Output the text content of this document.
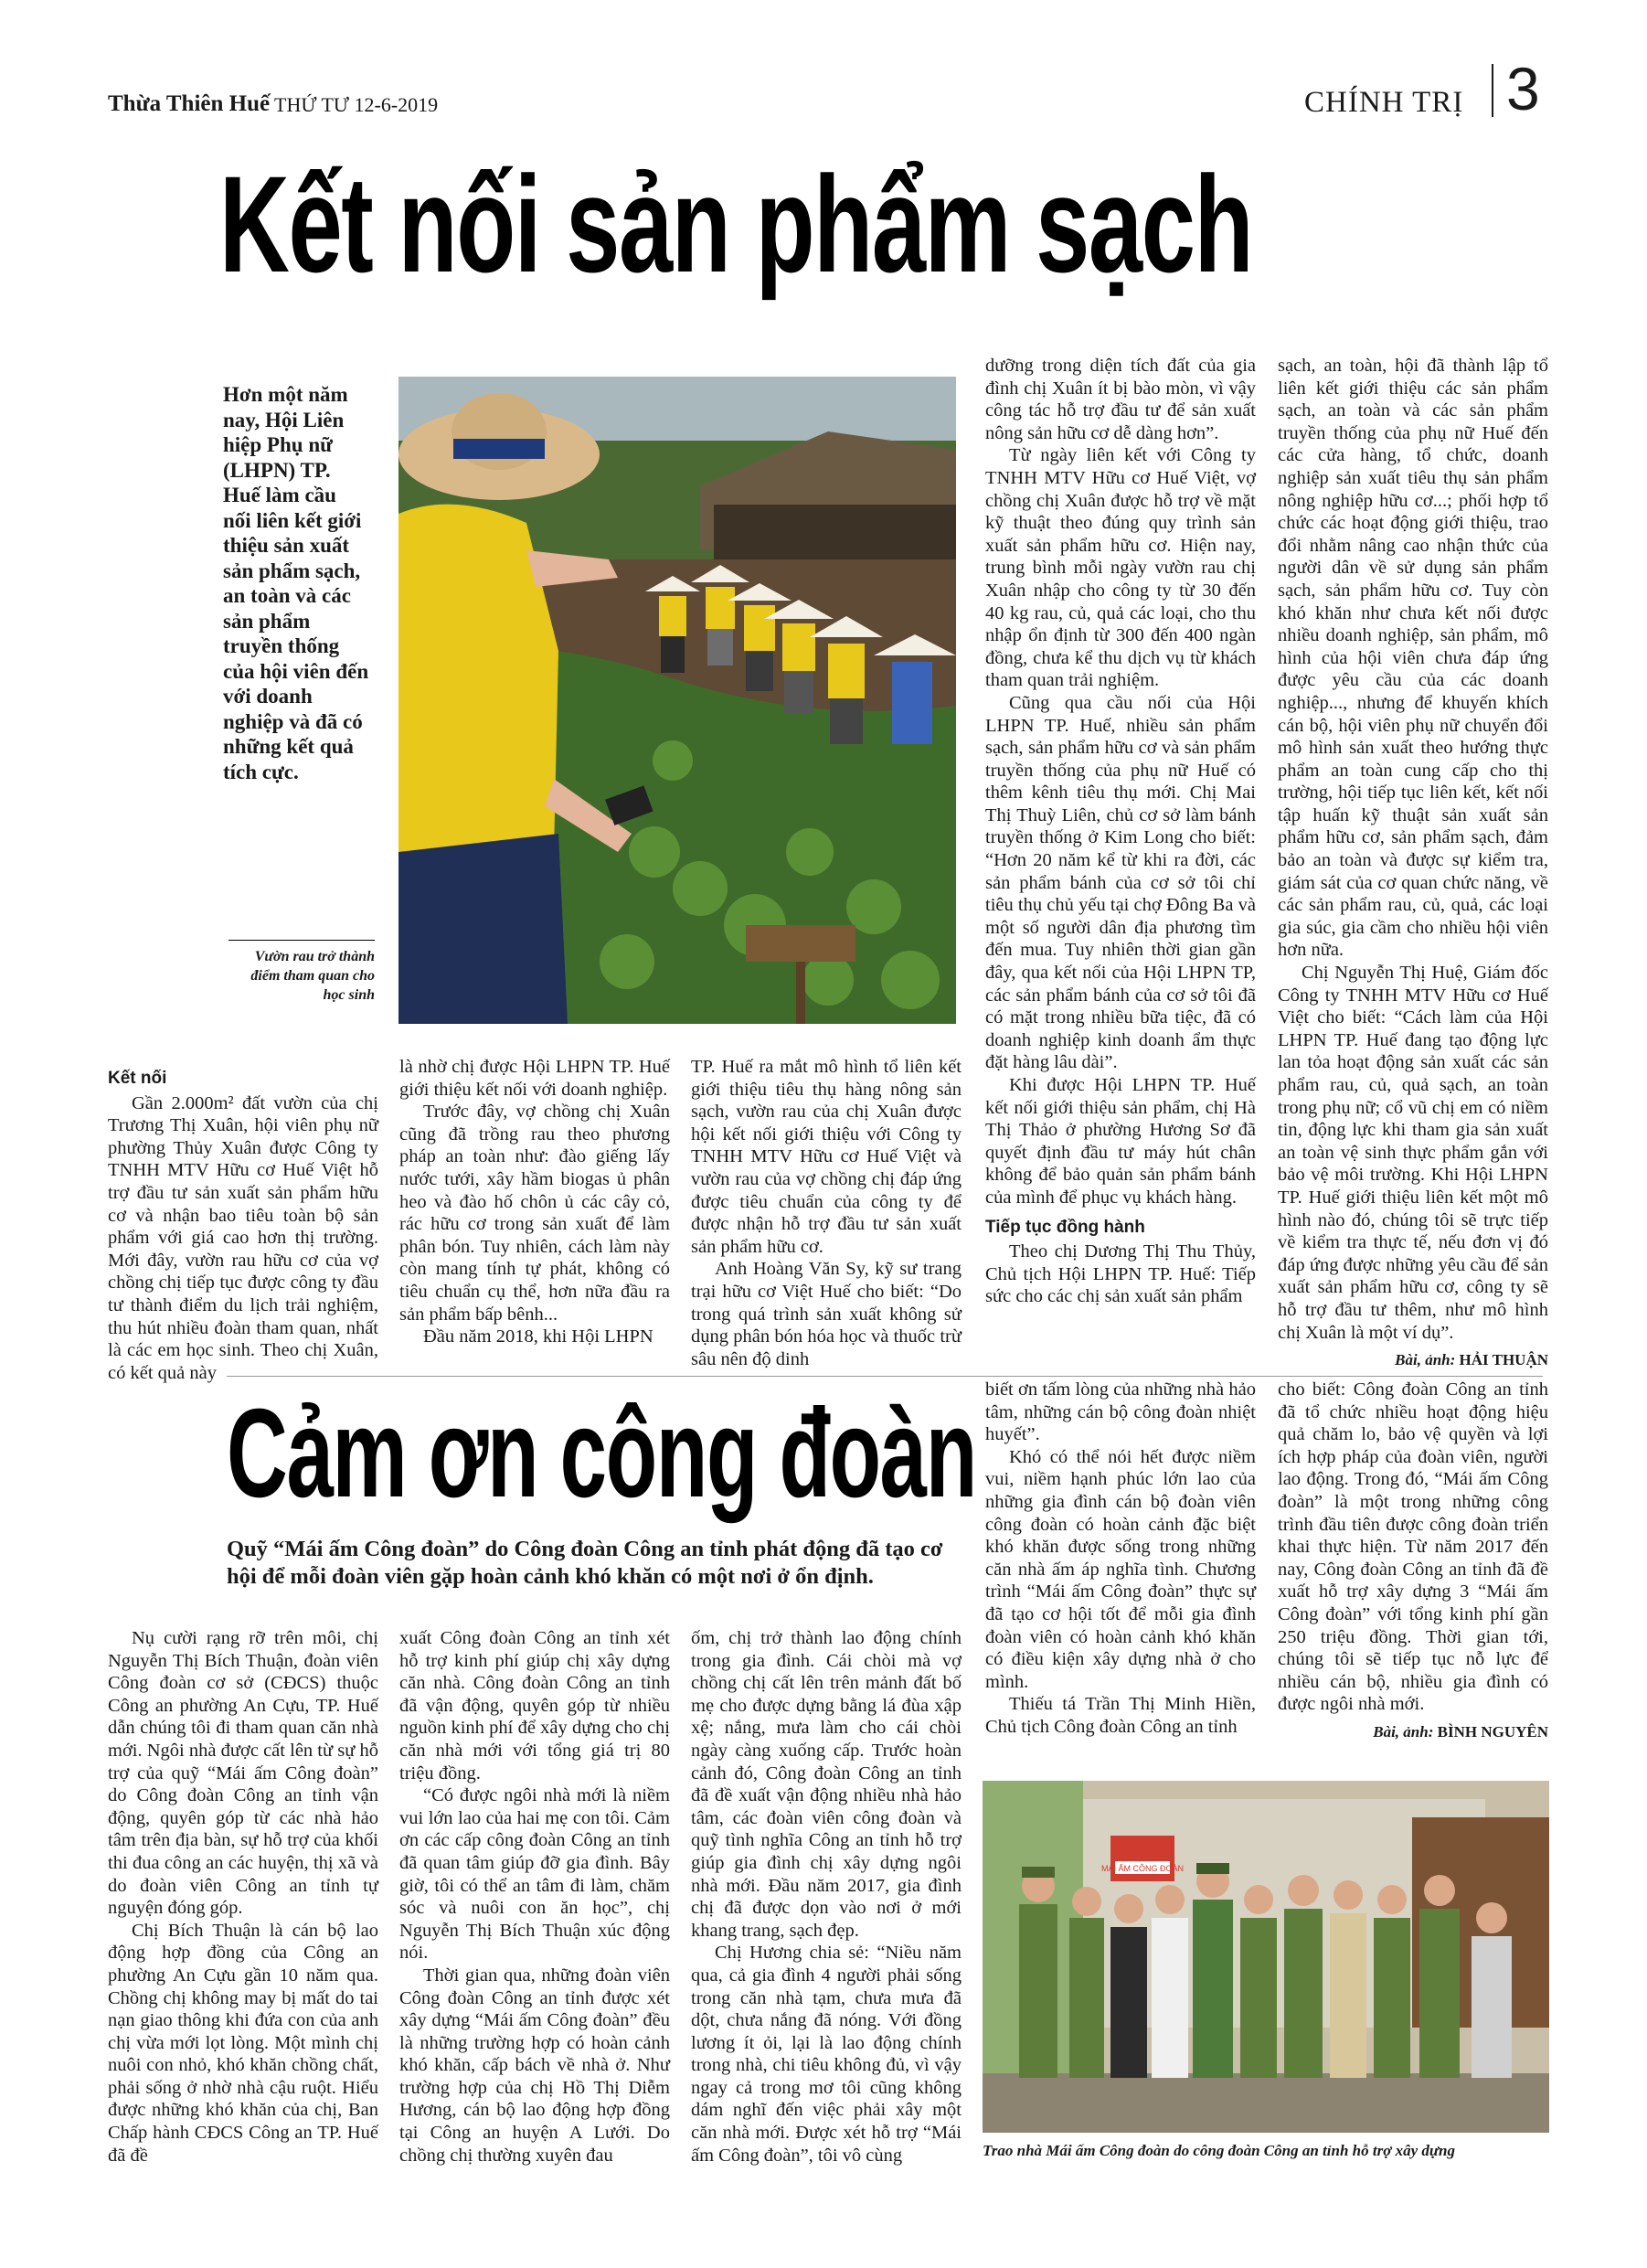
Thừa Thiên Huế THỨ TƯ 12-6-2019	CHÍNH TRỊ 3
Kết nối sản phẩm sạch
Hơn một năm nay, Hội Liên hiệp Phụ nữ (LHPN) TP. Huế làm cầu nối liên kết giới thiệu sản xuất sản phẩm sạch, an toàn và các sản phẩm truyền thống của hội viên đến với doanh nghiệp và đã có những kết quả tích cực.
Vườn rau trở thành điểm tham quan cho học sinh
Kết nối

Gần 2.000m² đất vườn của chị Trương Thị Xuân, hội viên phụ nữ phường Thủy Xuân được Công ty TNHH MTV Hữu cơ Huế Việt hỗ trợ đầu tư sản xuất sản phẩm hữu cơ và nhận bao tiêu toàn bộ sản phẩm với giá cao hơn thị trường. Mới đây, vườn rau hữu cơ của vợ chồng chị tiếp tục được công ty đầu tư thành điểm du lịch trải nghiệm, thu hút nhiều đoàn tham quan, nhất là các em học sinh. Theo chị Xuân, có kết quả này

là nhờ chị được Hội LHPN TP. Huế giới thiệu kết nối với doanh nghiệp.

Trước đây, vợ chồng chị Xuân cũng đã trồng rau theo phương pháp an toàn như: đào giếng lấy nước tưới, xây hầm biogas ủ phân heo và đào hố chôn ủ các cây cỏ, rác hữu cơ trong sản xuất để làm phân bón. Tuy nhiên, cách làm này còn mang tính tự phát, không có tiêu chuẩn cụ thể, hơn nữa đầu ra sản phẩm bấp bênh...

Đầu năm 2018, khi Hội LHPN

TP. Huế ra mắt mô hình tổ liên kết giới thiệu tiêu thụ hàng nông sản sạch, vườn rau của chị Xuân được hội kết nối giới thiệu với Công ty TNHH MTV Hữu cơ Huế Việt và vườn rau của vợ chồng chị đáp ứng được tiêu chuẩn của công ty để được nhận hỗ trợ đầu tư sản xuất sản phẩm hữu cơ.

Anh Hoàng Văn Sy, kỹ sư trang trại hữu cơ Việt Huế cho biết: “Do trong quá trình sản xuất không sử dụng phân bón hóa học và thuốc trừ sâu nên độ dinh

dưỡng trong diện tích đất của gia đình chị Xuân ít bị bào mòn, vì vậy công tác hỗ trợ đầu tư để sản xuất nông sản hữu cơ dễ dàng hơn”.

Từ ngày liên kết với Công ty TNHH MTV Hữu cơ Huế Việt, vợ chồng chị Xuân được hỗ trợ về mặt kỹ thuật theo đúng quy trình sản xuất sản phẩm hữu cơ. Hiện nay, trung bình mỗi ngày vườn rau chị Xuân nhập cho công ty từ 30 đến 40 kg rau, củ, quả các loại, cho thu nhập ổn định từ 300 đến 400 ngàn đồng, chưa kể thu dịch vụ từ khách tham quan trải nghiệm.

Cũng qua cầu nối của Hội LHPN TP. Huế, nhiều sản phẩm sạch, sản phẩm hữu cơ và sản phẩm truyền thống của phụ nữ Huế có thêm kênh tiêu thụ mới. Chị Mai Thị Thuỳ Liên, chủ cơ sở làm bánh truyền thống ở Kim Long cho biết: “Hơn 20 năm kể từ khi ra đời, các sản phẩm bánh của cơ sở tôi chỉ tiêu thụ chủ yếu tại chợ Đông Ba và một số người dân địa phương tìm đến mua. Tuy nhiên thời gian gần đây, qua kết nối của Hội LHPN TP, các sản phẩm bánh của cơ sở tôi đã có mặt trong nhiều bữa tiệc, đã có doanh nghiệp kinh doanh ẩm thực đặt hàng lâu dài”.

Khi được Hội LHPN TP. Huế kết nối giới thiệu sản phẩm, chị Hà Thị Thảo ở phường Hương Sơ đã quyết định đầu tư máy hút chân không để bảo quản sản phẩm bánh của mình để phục vụ khách hàng.

Tiếp tục đồng hành

Theo chị Dương Thị Thu Thủy, Chủ tịch Hội LHPN TP. Huế: Tiếp sức cho các chị sản xuất sản phẩm

sạch, an toàn, hội đã thành lập tổ liên kết giới thiệu các sản phẩm sạch, an toàn và các sản phẩm truyền thống của phụ nữ Huế đến các cửa hàng, tổ chức, doanh nghiệp sản xuất tiêu thụ sản phẩm nông nghiệp hữu cơ...; phối hợp tổ chức các hoạt động giới thiệu, trao đổi nhằm nâng cao nhận thức của người dân về sử dụng sản phẩm sạch, sản phẩm hữu cơ. Tuy còn khó khăn như chưa kết nối được nhiều doanh nghiệp, sản phẩm, mô hình của hội viên chưa đáp ứng được yêu cầu của các doanh nghiệp..., nhưng để khuyến khích cán bộ, hội viên phụ nữ chuyển đổi mô hình sản xuất theo hướng thực phẩm an toàn cung cấp cho thị trường, hội tiếp tục liên kết, kết nối tập huấn kỹ thuật sản xuất sản phẩm hữu cơ, sản phẩm sạch, đảm bảo an toàn và được sự kiểm tra, giám sát của cơ quan chức năng, về các sản phẩm rau, củ, quả, các loại gia súc, gia cầm cho nhiều hội viên hơn nữa.

Chị Nguyễn Thị Huệ, Giám đốc Công ty TNHH MTV Hữu cơ Huế Việt cho biết: “Cách làm của Hội LHPN TP. Huế đang tạo động lực lan tỏa hoạt động sản xuất các sản phẩm rau, củ, quả sạch, an toàn trong phụ nữ; cổ vũ chị em có niềm tin, động lực khi tham gia sản xuất an toàn vệ sinh thực phẩm gắn với bảo vệ môi trường. Khi Hội LHPN TP. Huế giới thiệu liên kết một mô hình nào đó, chúng tôi sẽ trực tiếp về kiểm tra thực tế, nếu đơn vị đó đáp ứng được những yêu cầu để sản xuất sản phẩm hữu cơ, công ty sẽ hỗ trợ đầu tư thêm, như mô hình chị Xuân là một ví dụ”.

Bài, ảnh: HẢI THUẬN
Cảm ơn công đoàn
Quỹ “Mái ấm Công đoàn” do Công đoàn Công an tỉnh phát động đã tạo cơ hội để mỗi đoàn viên gặp hoàn cảnh khó khăn có một nơi ở ổn định.

Nụ cười rạng rỡ trên môi, chị Nguyễn Thị Bích Thuận, đoàn viên Công đoàn cơ sở (CĐCS) thuộc Công an phường An Cựu, TP. Huế dẫn chúng tôi đi tham quan căn nhà mới. Ngôi nhà được cất lên từ sự hỗ trợ của quỹ “Mái ấm Công đoàn” do Công đoàn Công an tỉnh vận động, quyên góp từ các nhà hảo tâm trên địa bàn, sự hỗ trợ của khối thi đua công an các huyện, thị xã và do đoàn viên Công an tỉnh tự nguyện đóng góp.

Chị Bích Thuận là cán bộ lao động hợp đồng của Công an phường An Cựu gần 10 năm qua. Chồng chị không may bị mất do tai nạn giao thông khi đứa con của anh chị vừa mới lọt lòng. Một mình chị nuôi con nhỏ, khó khăn chồng chất, phải sống ở nhờ nhà cậu ruột. Hiểu được những khó khăn của chị, Ban Chấp hành CĐCS Công an TP. Huế đã đề

xuất Công đoàn Công an tỉnh xét hỗ trợ kinh phí giúp chị xây dựng căn nhà. Công đoàn Công an tỉnh đã vận động, quyên góp từ nhiều nguồn kinh phí để xây dựng cho chị căn nhà mới với tổng giá trị 80 triệu đồng.

“Có được ngôi nhà mới là niềm vui lớn lao của hai mẹ con tôi. Cảm ơn các cấp công đoàn Công an tỉnh đã quan tâm giúp đỡ gia đình. Bây giờ, tôi có thể an tâm đi làm, chăm sóc và nuôi con ăn học”, chị Nguyễn Thị Bích Thuận xúc động nói.

Thời gian qua, những đoàn viên Công đoàn Công an tỉnh được xét xây dựng “Mái ấm Công đoàn” đều là những trường hợp có hoàn cảnh khó khăn, cấp bách về nhà ở. Như trường hợp của chị Hồ Thị Diễm Hương, cán bộ lao động hợp đồng tại Công an huyện A Lưới. Do chồng chị thường xuyên đau

ốm, chị trở thành lao động chính trong gia đình. Cái chòi mà vợ chồng chị cất lên trên mảnh đất bố mẹ cho được dựng bằng lá đùa xập xệ; nắng, mưa làm cho cái chòi ngày càng xuống cấp. Trước hoàn cảnh đó, Công đoàn Công an tỉnh đã đề xuất vận động nhiều nhà hảo tâm, các đoàn viên công đoàn và quỹ tình nghĩa Công an tỉnh hỗ trợ giúp gia đình chị xây dựng ngôi nhà mới. Đầu năm 2017, gia đình chị đã được dọn vào nơi ở mới khang trang, sạch đẹp.

Chị Hương chia sẻ: “Niều năm qua, cả gia đình 4 người phải sống trong căn nhà tạm, chưa mưa đã dột, chưa nắng đã nóng. Với đồng lương ít ỏi, lại là lao động chính trong nhà, chi tiêu không đủ, vì vậy ngay cả trong mơ tôi cũng không dám nghĩ đến việc phải xây một căn nhà mới. Được xét hỗ trợ “Mái ấm Công đoàn”, tôi vô cùng

biết ơn tấm lòng của những nhà hảo tâm, những cán bộ công đoàn nhiệt huyết”.

Khó có thể nói hết được niềm vui, niềm hạnh phúc lớn lao của những gia đình cán bộ đoàn viên công đoàn có hoàn cảnh đặc biệt khó khăn được sống trong những căn nhà ấm áp nghĩa tình. Chương trình “Mái ấm Công đoàn” thực sự đã tạo cơ hội tốt để mỗi gia đình đoàn viên có hoàn cảnh khó khăn có điều kiện xây dựng nhà ở cho mình.

Thiếu tá Trần Thị Minh Hiền, Chủ tịch Công đoàn Công an tỉnh

cho biết: Công đoàn Công an tỉnh đã tổ chức nhiều hoạt động hiệu quả chăm lo, bảo vệ quyền và lợi ích hợp pháp của đoàn viên, người lao động. Trong đó, “Mái ấm Công đoàn” là một trong những công trình đầu tiên được công đoàn triển khai thực hiện. Từ năm 2017 đến nay, Công đoàn Công an tỉnh đã đề xuất hỗ trợ xây dựng 3 “Mái ấm Công đoàn” với tổng kinh phí gần 250 triệu đồng. Thời gian tới, chúng tôi sẽ tiếp tục nỗ lực để nhiều cán bộ, nhiều gia đình có được ngôi nhà mới.

Bài, ảnh: BÌNH NGUYÊN
MÁI ẤM CÔNG ĐOÀN
Trao nhà Mái ấm Công đoàn do công đoàn Công an tỉnh hỗ trợ xây dựng
